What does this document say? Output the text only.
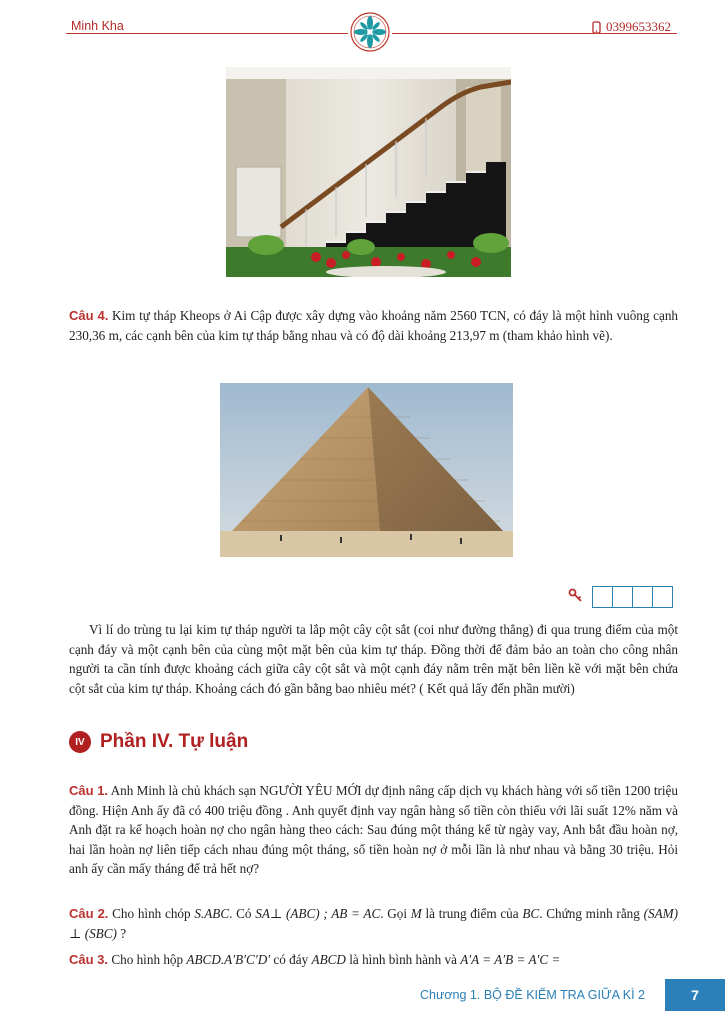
Minh Kha	0399653362
Câu 4. Kim tự tháp Kheops ở Ai Cập được xây dựng vào khoảng năm 2560 TCN, có đáy là một hình vuông cạnh 230,36 m, các cạnh bên của kim tự tháp bằng nhau và có độ dài khoảng 213,97 m (tham khảo hình vẽ).
Vì lí do trùng tu lại kim tự tháp người ta lắp một cây cột sắt (coi như đường thẳng) đi qua trung điểm của một cạnh đáy và một cạnh bên của cùng một mặt bên của kim tự tháp. Đồng thời để đảm bảo an toàn cho công nhân người ta cần tính được khoảng cách giữa cây cột sắt và một cạnh đáy nằm trên mặt bên liền kề với mặt bên chứa cột sắt của kim tự tháp. Khoảng cách đó gần bằng bao nhiêu mét? ( Kết quả lấy đến phần mười)
IV Phần IV. Tự luận
Câu 1. Anh Minh là chủ khách sạn NGƯỜI YÊU MỚI dự định nâng cấp dịch vụ khách hàng với số tiền 1200 triệu đồng. Hiện Anh ấy đã có 400 triệu đồng . Anh quyết định vay ngân hàng số tiền còn thiếu với lãi suất 12% năm và Anh đặt ra kế hoạch hoàn nợ cho ngân hàng theo cách: Sau đúng một tháng kể từ ngày vay, Anh bắt đầu hoàn nợ, hai lần hoàn nợ liên tiếp cách nhau đúng một tháng, số tiền hoàn nợ ở mỗi lần là như nhau và bằng 30 triệu. Hỏi anh ấy cần mấy tháng để trả hết nợ?
Câu 2. Cho hình chóp S.ABC. Có SA⊥ (ABC) ; AB = AC. Gọi M là trung điểm của BC. Chứng minh rằng (SAM) ⊥ (SBC) ?
Câu 3. Cho hình hộp ABCD.A′B′C′D′ có đáy ABCD là hình bình hành và A′A = A′B = A′C =
Chương 1. BỘ ĐỀ KIỂM TRA GIỮA KÌ 2	7
